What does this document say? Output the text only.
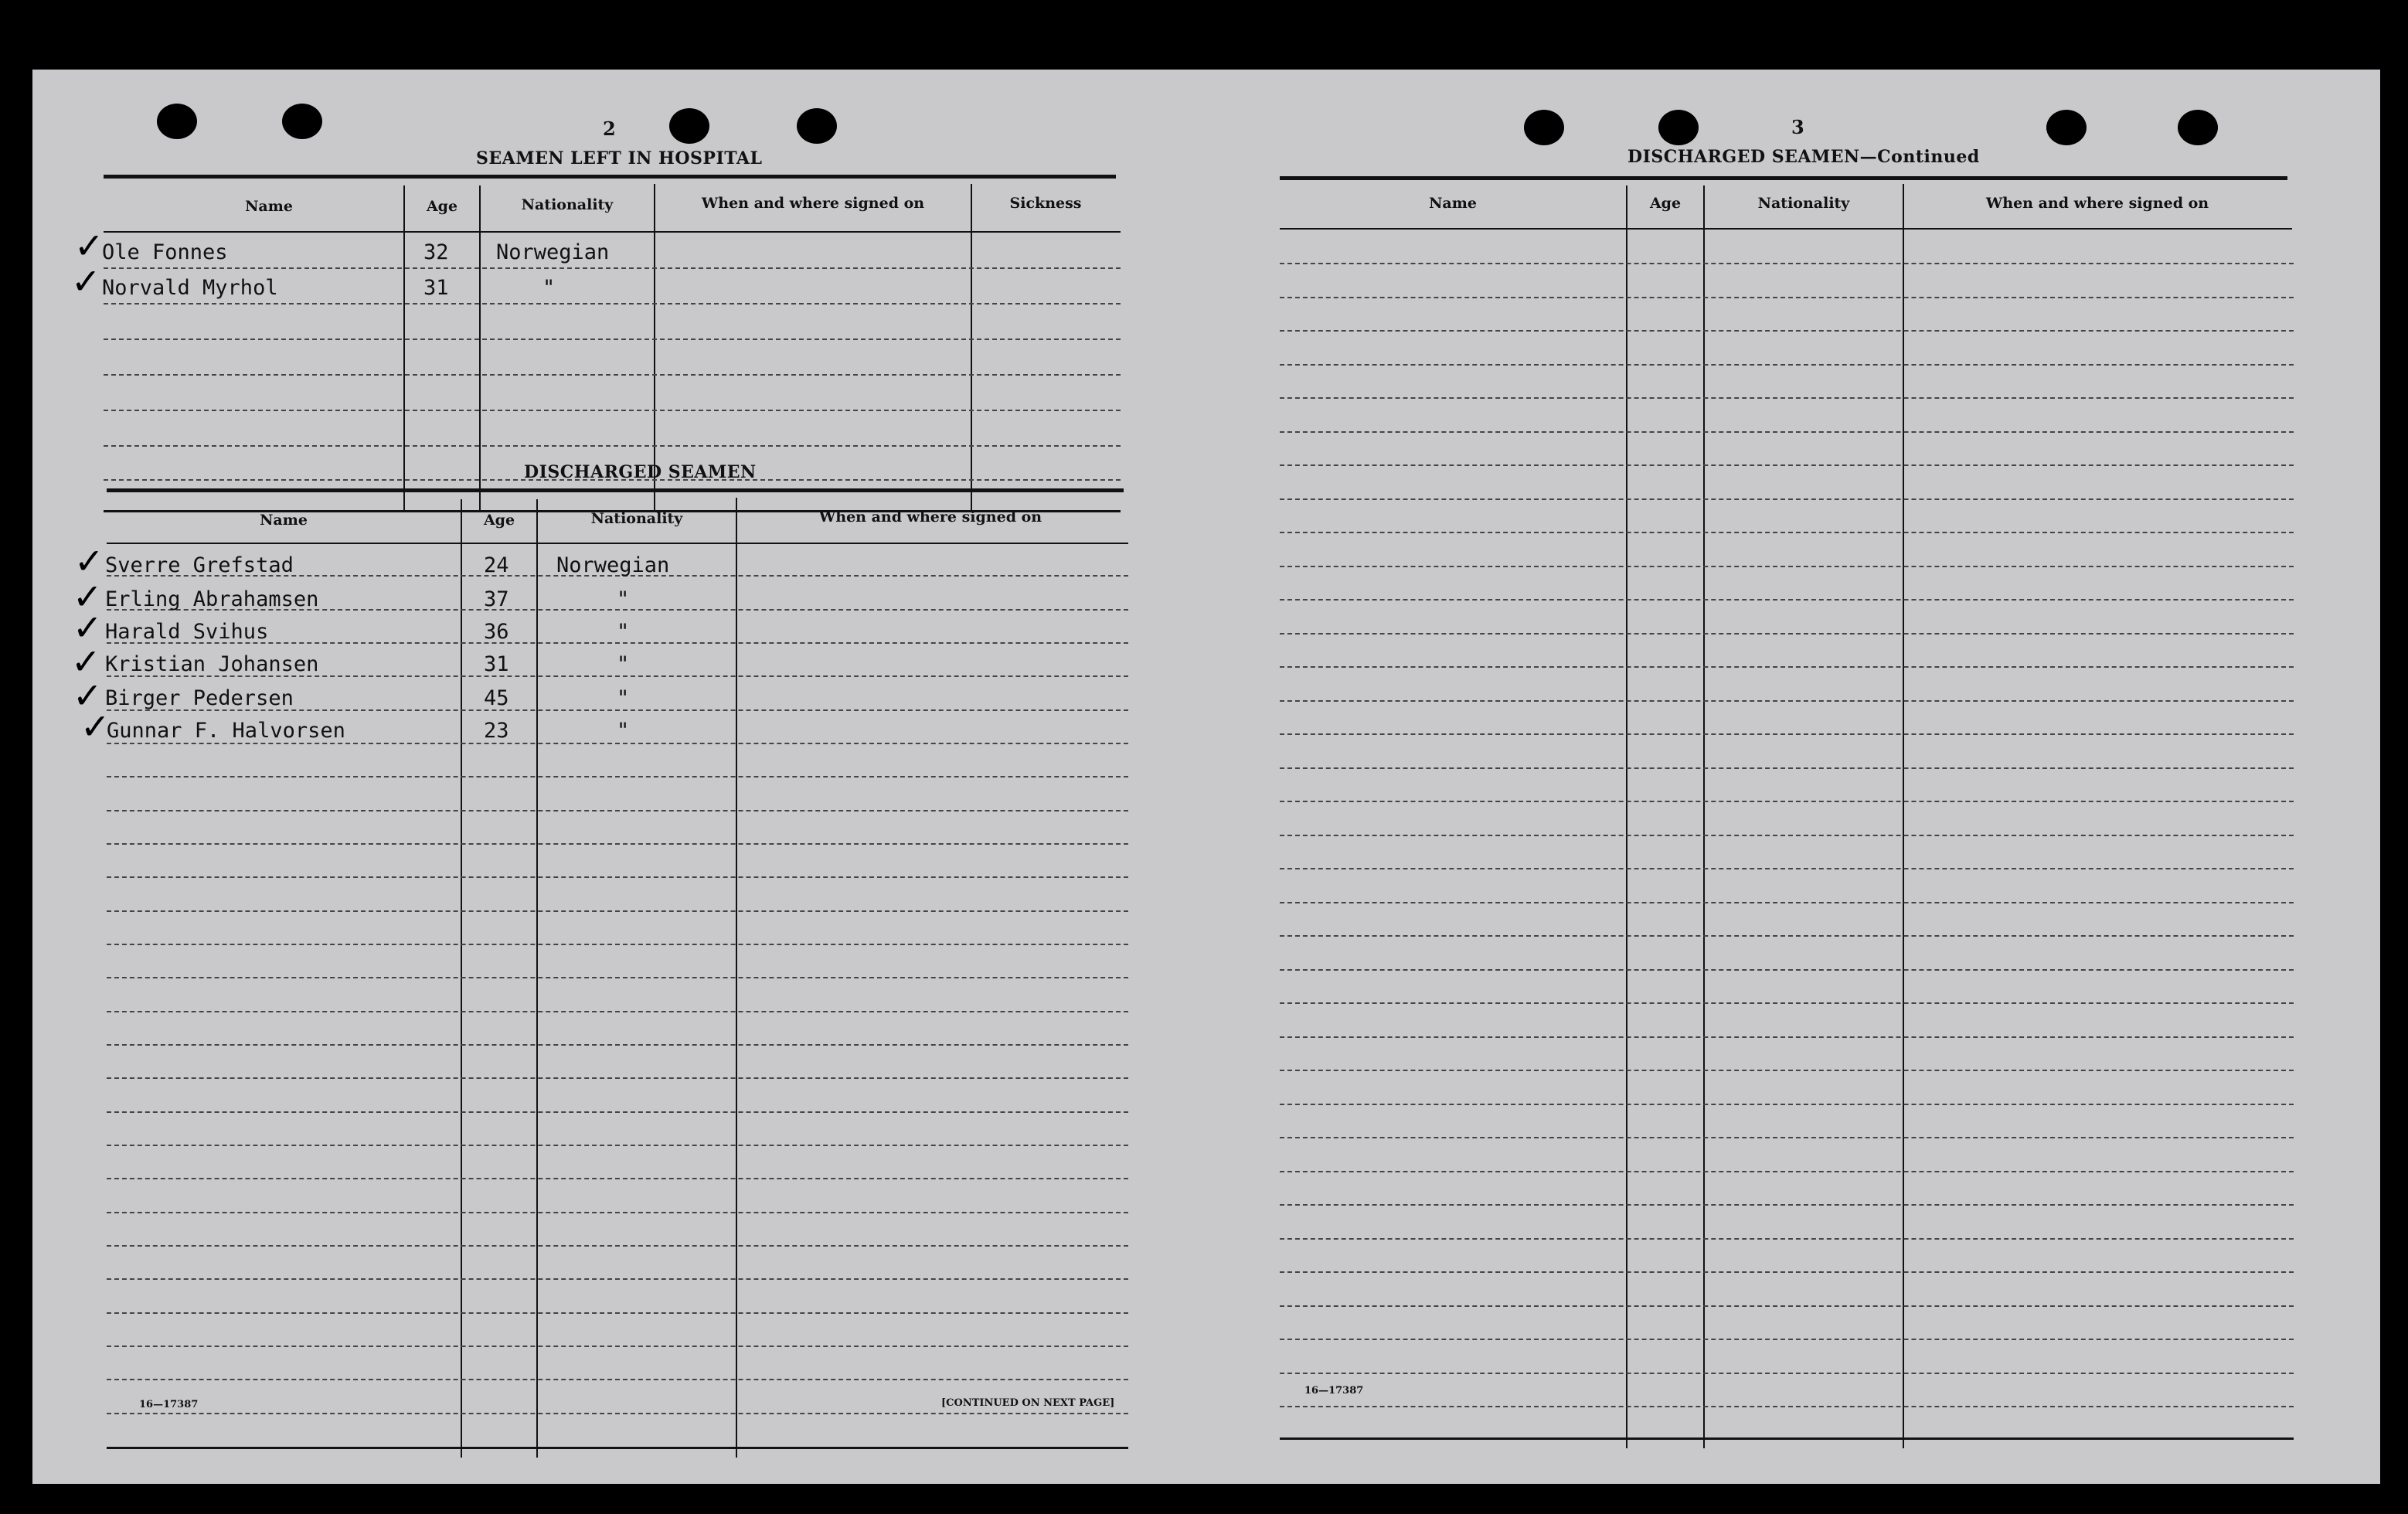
2
SEAMEN LEFT IN HOSPITAL
Name	Age	Nationality	When and where signed on	Sickness
✓
Ole Fonnes	32 Norwegian
✓ Norvald Myrhol	31	"
DISCHARGED SEAMEN
Name	Age	Nationality	When and where signed on
✓ Sverre Grefstad	24 Norwegian
✓ Erling Abrahamsen	37	"
✓ Harald Svihus	36	"
✓ Kristian Johansen	31	"
✓ Birger Pedersen	45	"
✓
Gunnar F. Halvorsen	23	"
16—17387	[CONTINUED ON NEXT PAGE]
3
DISCHARGED SEAMEN—Continued
Name	Age	Nationality	When and where signed on
16—17387
